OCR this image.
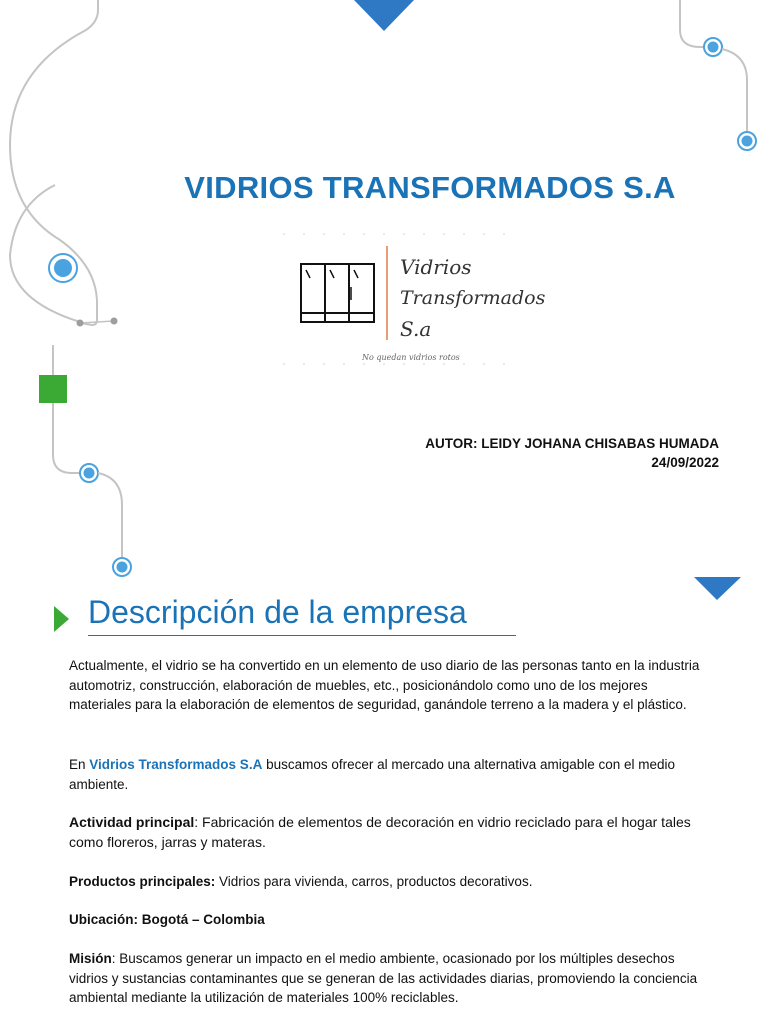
VIDRIOS TRANSFORMADOS S.A
Vidrios
Transformados
S.a
No quedan vidrios rotos
AUTOR: LEIDY JOHANA CHISABAS HUMADA
24/09/2022
Descripción de la empresa
Actualmente, el vidrio se ha convertido en un elemento de uso diario de las personas tanto en la industria automotriz, construcción, elaboración de muebles, etc., posicionándolo como uno de los mejores materiales para la elaboración de elementos de seguridad, ganándole terreno a la madera y el plástico.
En Vidrios Transformados S.A buscamos ofrecer al mercado una alternativa amigable con el medio ambiente.
Actividad principal: Fabricación de elementos de decoración en vidrio reciclado para el hogar tales como floreros, jarras y materas.
Productos principales: Vidrios para vivienda, carros, productos decorativos.
Ubicación: Bogotá – Colombia
Misión: Buscamos generar un impacto en el medio ambiente, ocasionado por los múltiples desechos vidrios y sustancias contaminantes que se generan de las actividades diarias, promoviendo la conciencia ambiental mediante la utilización de materiales 100% reciclables.
